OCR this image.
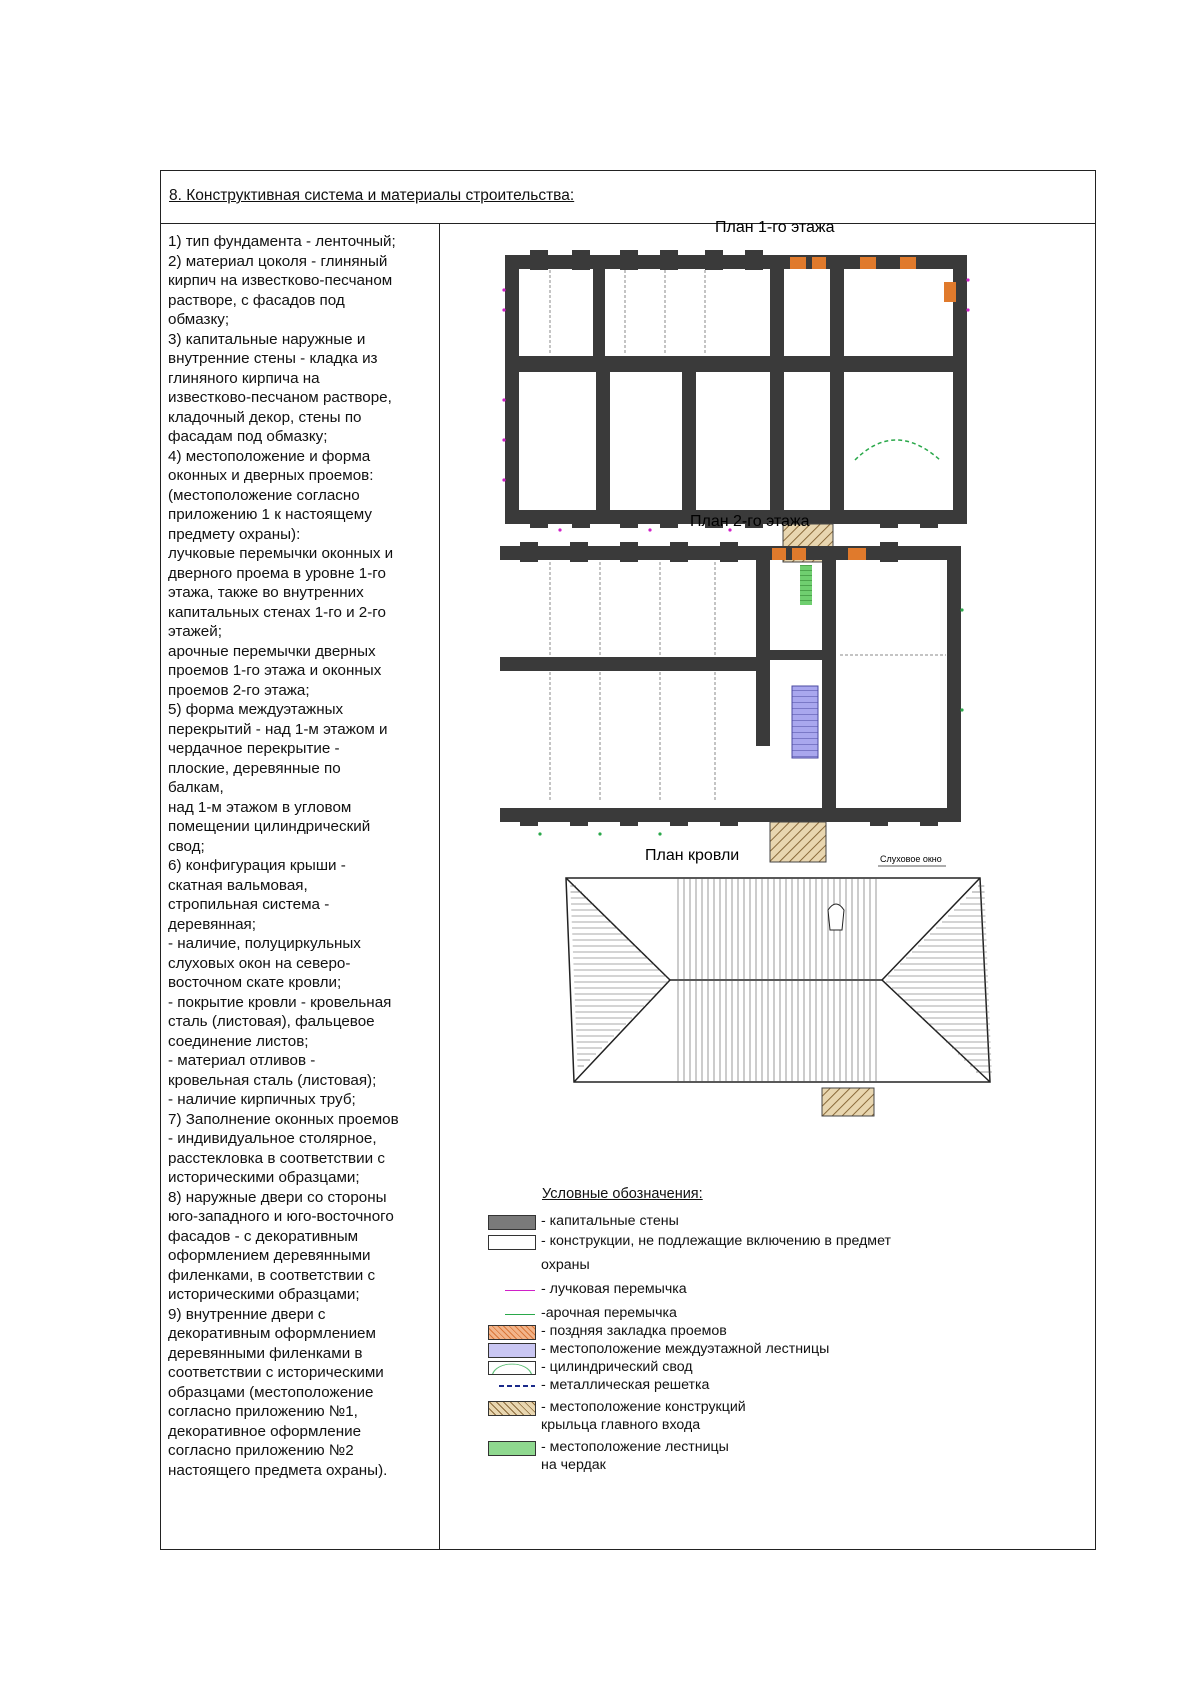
8. Конструктивная система и материалы строительства:

1) тип фундамента - ленточный;

2) материал цоколя - глиняный

кирпич на известково-песчаном

растворе, с фасадов под

обмазку;

3) капитальные наружные и

внутренние стены - кладка из

глиняного кирпича на

известково-песчаном растворе,

кладочный декор, стены по

фасадам под обмазку;

4) местоположение и форма

оконных и дверных проемов:

(местоположение согласно

приложению 1 к настоящему

предмету охраны):

лучковые перемычки оконных и

дверного проема в уровне 1-го

этажа, также во внутренних

капитальных стенах 1-го и 2-го

этажей;

арочные перемычки дверных

проемов 1-го этажа и оконных

проемов 2-го этажа;

5) форма междуэтажных

перекрытий - над 1-м этажом и

чердачное перекрытие -

плоские, деревянные по

балкам,

над 1-м этажом в угловом

помещении цилиндрический

свод;

6) конфигурация крыши -

скатная вальмовая,

стропильная система -

деревянная;

- наличие, полуциркульных

слуховых окон на северо-

восточном скате кровли;

- покрытие кровли - кровельная

сталь (листовая), фальцевое

соединение листов;

- материал отливов -

кровельная сталь (листовая);

- наличие кирпичных труб;

7) Заполнение оконных проемов

- индивидуальное столярное,

расстекловка в соответствии с

историческими образцами;

8) наружные двери со стороны

юго-западного и юго-восточного

фасадов - с декоративным

оформлением деревянными

филенками, в соответствии с

историческими образцами;

9) внутренние двери с

декоративным оформлением

деревянными филенками в

соответствии с историческими

образцами (местоположение

согласно приложению №1,

декоративное оформление

согласно приложению №2

настоящего предмета охраны).

План 1-го этажа
План 2-го этажа
План кровли	Слуховое окно
Условные обозначения:
- капитальные стены
- конструкции, не подлежащие включению в предмет
охраны
- лучковая перемычка
-арочная перемычка
- поздняя закладка проемов
- местоположение междуэтажной лестницы
- цилиндрический свод
- металлическая решетка
- местоположение конструкций
крыльца главного входа
- местоположение лестницы
на чердак
